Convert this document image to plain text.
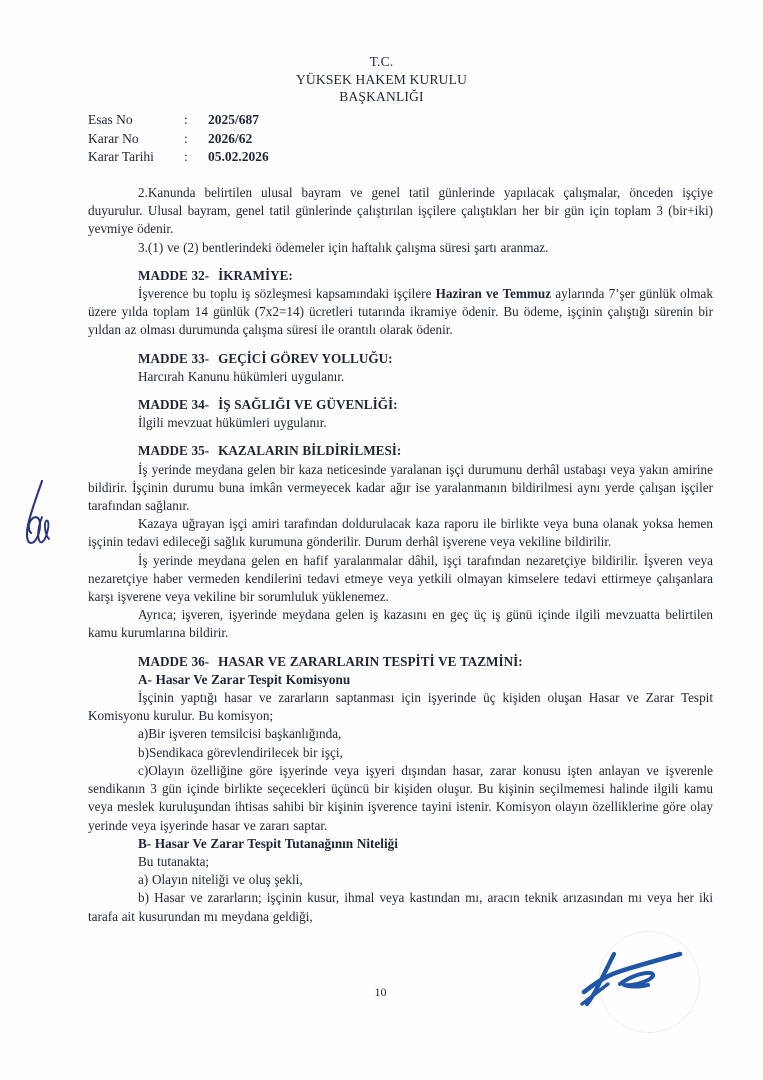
T.C.
YÜKSEK HAKEM KURULU
BAŞKANLIĞI
Esas No	:	2025/687
Karar No	:	2026/62
Karar Tarihi	:	05.02.2026

2.Kanunda belirtilen ulusal bayram ve genel tatil günlerinde yapılacak çalışmalar, önceden işçiye duyurulur. Ulusal bayram, genel tatil günlerinde çalıştırılan işçilere çalıştıkları her bir gün için toplam 3 (bir+iki) yevmiye ödenir.

3.(1) ve (2) bentlerindeki ödemeler için haftalık çalışma süresi şartı aranmaz.

MADDE 32- İKRAMİYE:

İşverence bu toplu iş sözleşmesi kapsamındaki işçilere Haziran ve Temmuz aylarında 7’şer günlük olmak üzere yılda toplam 14 günlük (7x2=14) ücretleri tutarında ikramiye ödenir. Bu ödeme, işçinin çalıştığı sürenin bir yıldan az olması durumunda çalışma süresi ile orantılı olarak ödenir.

MADDE 33- GEÇİCİ GÖREV YOLLUĞU:

Harcırah Kanunu hükümleri uygulanır.

MADDE 34- İŞ SAĞLIĞI VE GÜVENLİĞİ:

İlgili mevzuat hükümleri uygulanır.

MADDE 35- KAZALARIN BİLDİRİLMESİ:

İş yerinde meydana gelen bir kaza neticesinde yaralanan işçi durumunu derhâl ustabaşı veya yakın amirine bildirir. İşçinin durumu buna imkân vermeyecek kadar ağır ise yaralanmanın bildirilmesi aynı yerde çalışan işçiler tarafından sağlanır.

Kazaya uğrayan işçi amiri tarafından doldurulacak kaza raporu ile birlikte veya buna olanak yoksa hemen işçinin tedavi edileceği sağlık kurumuna gönderilir. Durum derhâl işverene veya vekiline bildirilir.

İş yerinde meydana gelen en hafif yaralanmalar dâhil, işçi tarafından nezaretçiye bildirilir. İşveren veya nezaretçiye haber vermeden kendilerini tedavi etmeye veya yetkili olmayan kimselere tedavi ettirmeye çalışanlara karşı işverene veya vekiline bir sorumluluk yüklenemez.

Ayrıca; işveren, işyerinde meydana gelen iş kazasını en geç üç iş günü içinde ilgili mevzuatta belirtilen kamu kurumlarına bildirir.

MADDE 36- HASAR VE ZARARLARIN TESPİTİ VE TAZMİNİ:

A- Hasar Ve Zarar Tespit Komisyonu

İşçinin yaptığı hasar ve zararların saptanması için işyerinde üç kişiden oluşan Hasar ve Zarar Tespit Komisyonu kurulur. Bu komisyon;

a)Bir işveren temsilcisi başkanlığında,

b)Sendikaca görevlendirilecek bir işçi,

c)Olayın özelliğine göre işyerinde veya işyeri dışından hasar, zarar konusu işten anlayan ve işverenle sendikanın 3 gün içinde birlikte seçecekleri üçüncü bir kişiden oluşur. Bu kişinin seçilmemesi halinde ilgili kamu veya meslek kuruluşundan ihtisas sahibi bir kişinin işverence tayini istenir. Komisyon olayın özelliklerine göre olay yerinde veya işyerinde hasar ve zararı saptar.

B- Hasar Ve Zarar Tespit Tutanağının Niteliği

Bu tutanakta;

a) Olayın niteliği ve oluş şekli,

b) Hasar ve zararların; işçinin kusur, ihmal veya kastından mı, aracın teknik arızasından mı veya her iki tarafa ait kusurundan mı meydana geldiği,

10
